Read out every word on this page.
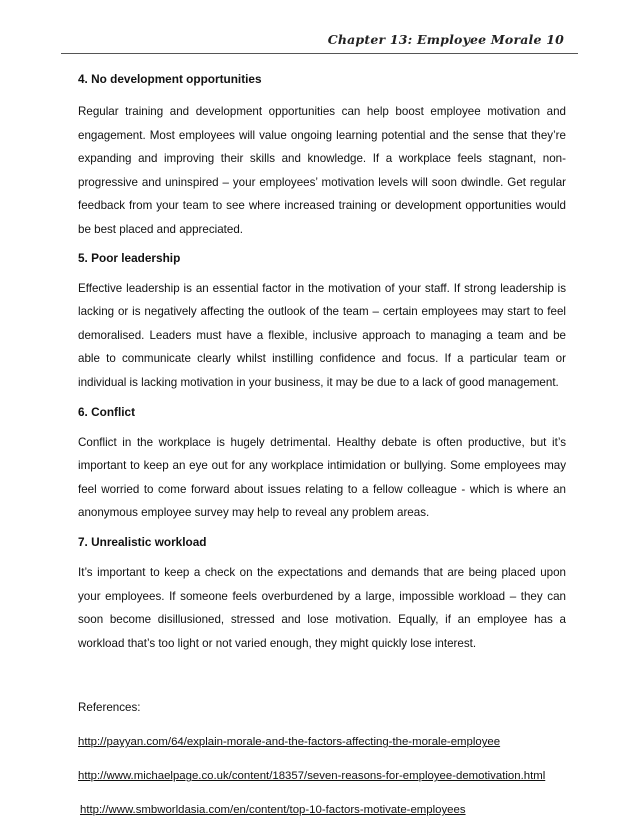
Chapter 13: Employee Morale 10

4. No development opportunities

Regular training and development opportunities can help boost employee motivation and engagement. Most employees will value ongoing learning potential and the sense that they’re expanding and improving their skills and knowledge. If a workplace feels stagnant, non-progressive and uninspired – your employees’ motivation levels will soon dwindle. Get regular feedback from your team to see where increased training or development opportunities would be best placed and appreciated.

5. Poor leadership

Effective leadership is an essential factor in the motivation of your staff. If strong leadership is lacking or is negatively affecting the outlook of the team – certain employees may start to feel demoralised. Leaders must have a flexible, inclusive approach to managing a team and be able to communicate clearly whilst instilling confidence and focus. If a particular team or individual is lacking motivation in your business, it may be due to a lack of good management.

6. Conflict

Conflict in the workplace is hugely detrimental. Healthy debate is often productive, but it’s important to keep an eye out for any workplace intimidation or bullying. Some employees may feel worried to come forward about issues relating to a fellow colleague - which is where an anonymous employee survey may help to reveal any problem areas.

7. Unrealistic workload

It’s important to keep a check on the expectations and demands that are being placed upon your employees. If someone feels overburdened by a large, impossible workload – they can soon become disillusioned, stressed and lose motivation. Equally, if an employee has a workload that’s too light or not varied enough, they might quickly lose interest.

References:

http://payyan.com/64/explain-morale-and-the-factors-affecting-the-morale-employee
http://www.michaelpage.co.uk/content/18357/seven-reasons-for-employee-demotivation.html
http://www.smbworldasia.com/en/content/top-10-factors-motivate-employees
